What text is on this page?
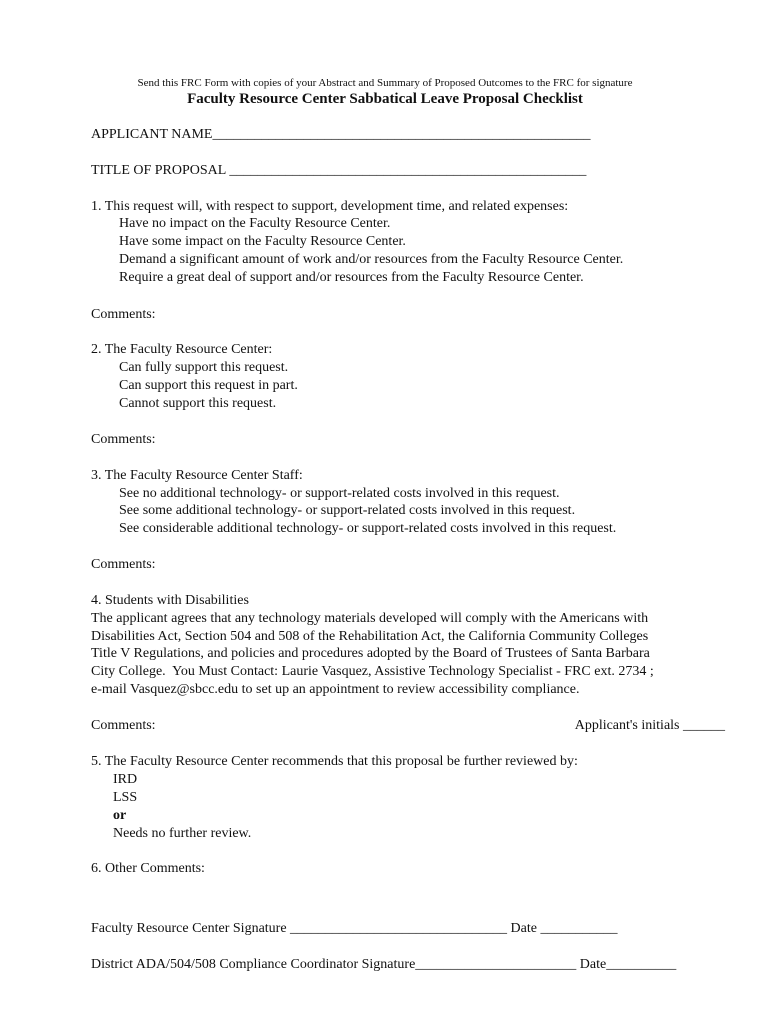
Send this FRC Form with copies of your Abstract and Summary of Proposed Outcomes to the FRC for signature
Faculty Resource Center Sabbatical Leave Proposal Checklist
APPLICANT NAME______________________________________________________
TITLE OF PROPOSAL ___________________________________________________
1. This request will, with respect to support, development time, and related expenses:
Have no impact on the Faculty Resource Center.
Have some impact on the Faculty Resource Center.
Demand a significant amount of work and/or resources from the Faculty Resource Center.
Require a great deal of support and/or resources from the Faculty Resource Center.
Comments:
2. The Faculty Resource Center:
Can fully support this request.
Can support this request in part.
Cannot support this request.
Comments:
3. The Faculty Resource Center Staff:
See no additional technology- or support-related costs involved in this request.
See some additional technology- or support-related costs involved in this request.
See considerable additional technology- or support-related costs involved in this request.
Comments:
4. Students with Disabilities
The applicant agrees that any technology materials developed will comply with the Americans with
Disabilities Act, Section 504 and 508 of the Rehabilitation Act, the California Community Colleges
Title V Regulations, and policies and procedures adopted by the Board of Trustees of Santa Barbara
City College.  You Must Contact: Laurie Vasquez, Assistive Technology Specialist - FRC ext. 2734 ;
e-mail Vasquez@sbcc.edu to set up an appointment to review accessibility compliance.
Comments:	Applicant's initials ______
5. The Faculty Resource Center recommends that this proposal be further reviewed by:
IRD
LSS
or
Needs no further review.
6. Other Comments:
Faculty Resource Center Signature _______________________________ Date ___________
District ADA/504/508 Compliance Coordinator Signature_______________________ Date__________
